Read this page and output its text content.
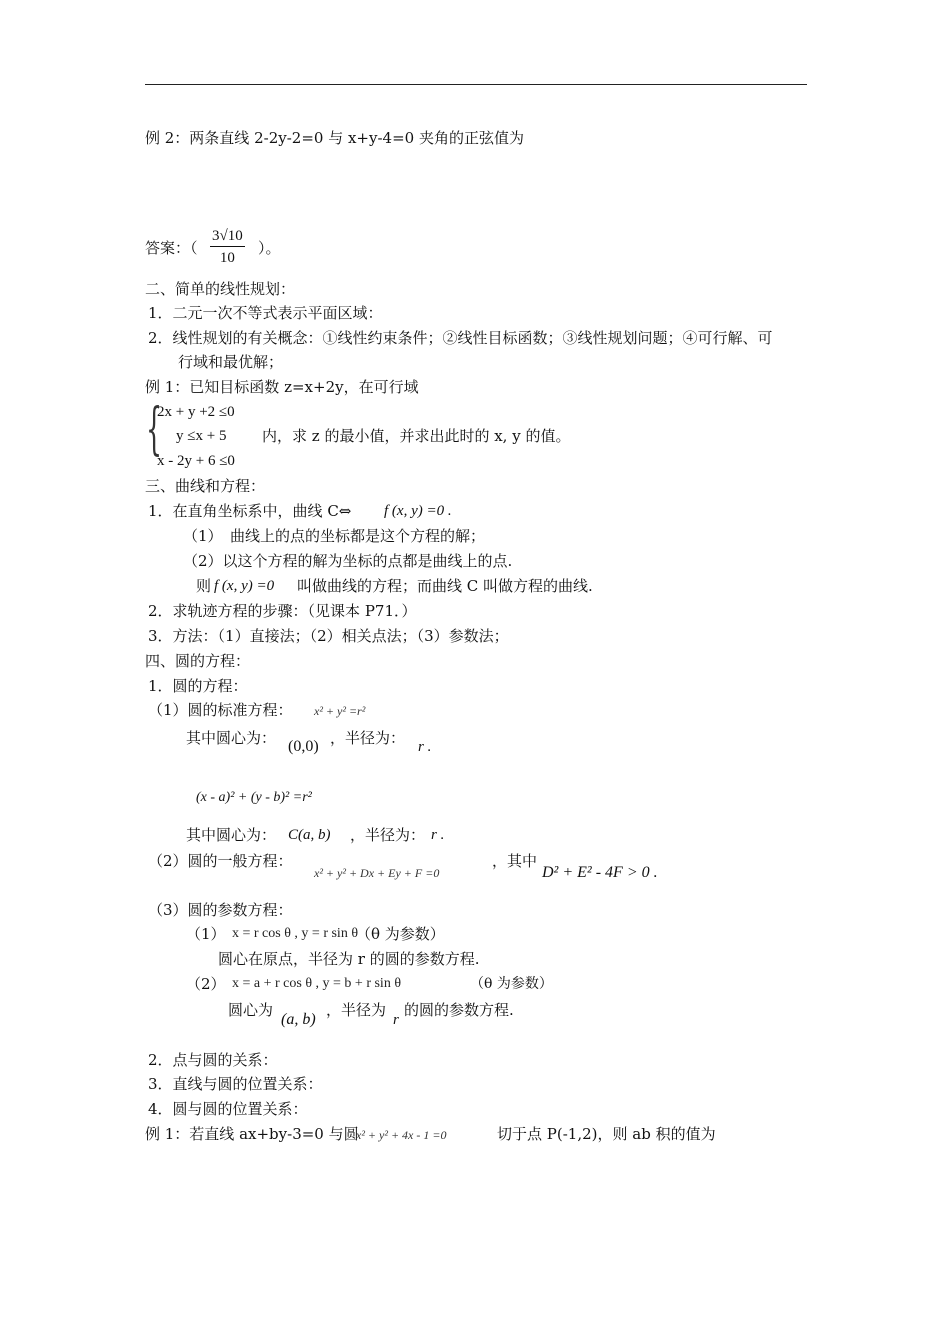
例 2：两条直线 2-2y-2=0 与 x+y-4=0 夹角的正弦值为
答案：（ $\frac{3√10}{10}$ ）。
二、简单的线性规划：
1．二元一次不等式表示平面区域：
2．线性规划的有关概念：①线性约束条件；②线性目标函数；③线性规划问题；④可行解、可
行域和最优解；
例 1：已知目标函数 z=x+2y，在可行域
{
2x + y +2 ≤0
y ≤x + 5
x - 2y + 6 ≤0
内，求 z 的最小值，并求出此时的 x, y 的值。
三、曲线和方程：
1．在直角坐标系中，曲线 C⇔ f (x, y) =0 .
（1）　曲线上的点的坐标都是这个方程的解；
（2）以这个方程的解为坐标的点都是曲线上的点.
则 f (x, y) =0 叫做曲线的方程；而曲线 C 叫做方程的曲线.
2．求轨迹方程的步骤：（见课本 P71．）
3．方法：（1）直接法；（2）相关点法；（3）参数法；
四、圆的方程：
1．圆的方程：
（1）圆的标准方程： x² + y² =r²
其中圆心为： (0,0) ，半径为： r .
(x - a)² + (y - b)² =r²
其中圆心为： C(a, b) ，半径为： r .
（2）圆的一般方程：
x² + y² + Dx + Ey + F =0
，其中
D² + E² - 4F > 0 .
（3）圆的参数方程：
（1） x = r cos θ , y = r sin θ
（θ 为参数）
圆心在原点，半径为 r 的圆的参数方程.
（2） x = a + r cos θ , y = b + r sin θ	（θ 为参数）
圆心为
(a, b)
，半径为
r
的圆的参数方程.
2．点与圆的关系：
3．直线与圆的位置关系：
4．圆与圆的位置关系：
例 1：若直线 ax+by-3=0 与圆
x² + y² + 4x - 1 =0	切于点 P(-1,2)，则 ab 积的值为
